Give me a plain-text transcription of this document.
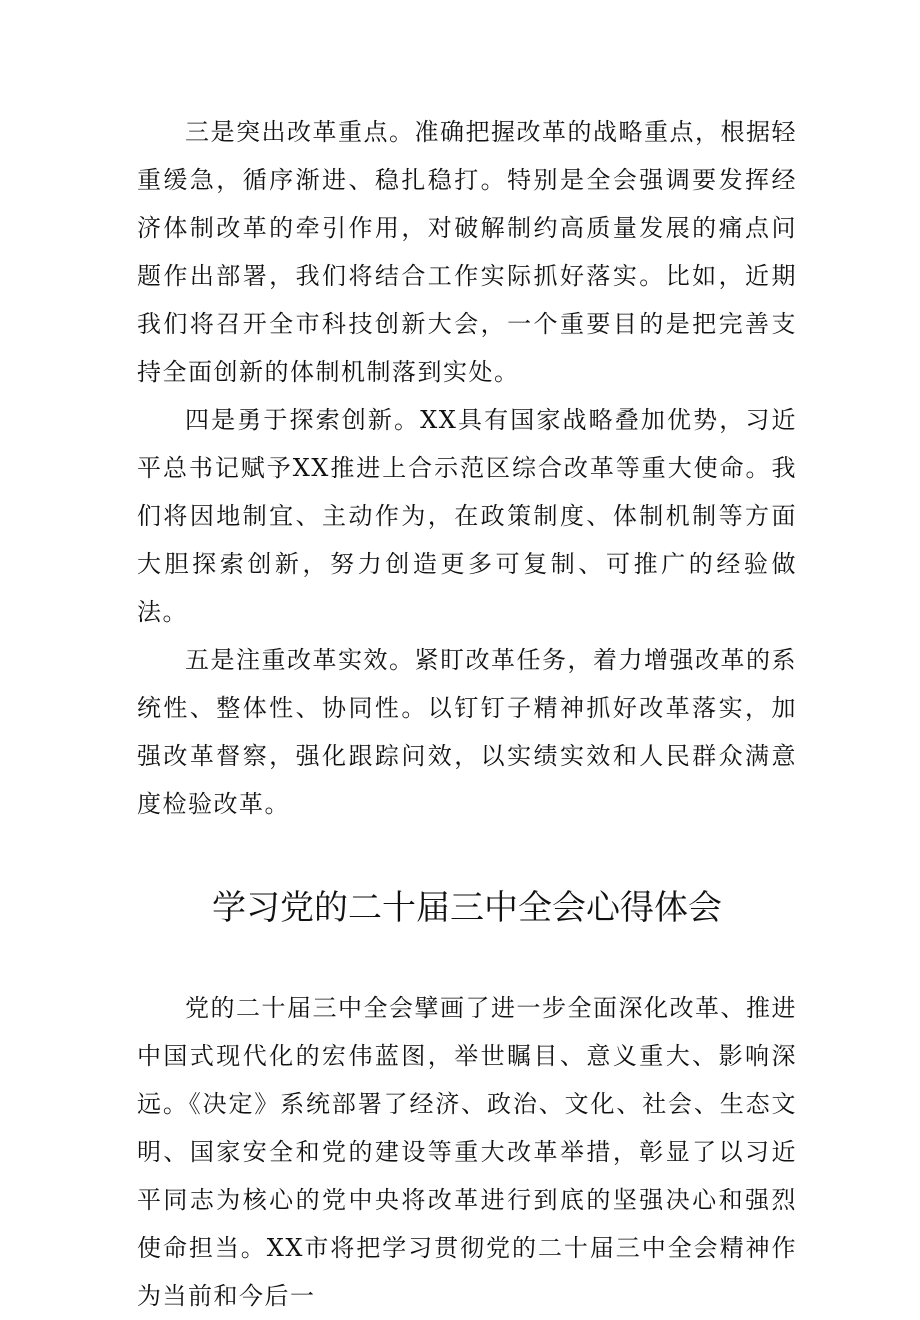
三是突出改革重点。准确把握改革的战略重点，根据轻重缓急，循序渐进、稳扎稳打。特别是全会强调要发挥经济体制改革的牵引作用，对破解制约高质量发展的痛点问题作出部署，我们将结合工作实际抓好落实。比如，近期我们将召开全市科技创新大会，一个重要目的是把完善支持全面创新的体制机制落到实处。

四是勇于探索创新。XX具有国家战略叠加优势，习近平总书记赋予XX推进上合示范区综合改革等重大使命。我们将因地制宜、主动作为，在政策制度、体制机制等方面大胆探索创新，努力创造更多可复制、可推广的经验做法。

五是注重改革实效。紧盯改革任务，着力增强改革的系统性、整体性、协同性。以钉钉子精神抓好改革落实，加强改革督察，强化跟踪问效，以实绩实效和人民群众满意度检验改革。

学习党的二十届三中全会心得体会

党的二十届三中全会擘画了进一步全面深化改革、推进中国式现代化的宏伟蓝图，举世瞩目、意义重大、影响深远。《决定》系统部署了经济、政治、文化、社会、生态文明、国家安全和党的建设等重大改革举措，彰显了以习近平同志为核心的党中央将改革进行到底的坚强决心和强烈使命担当。XX市将把学习贯彻党的二十届三中全会精神作为当前和今后一
